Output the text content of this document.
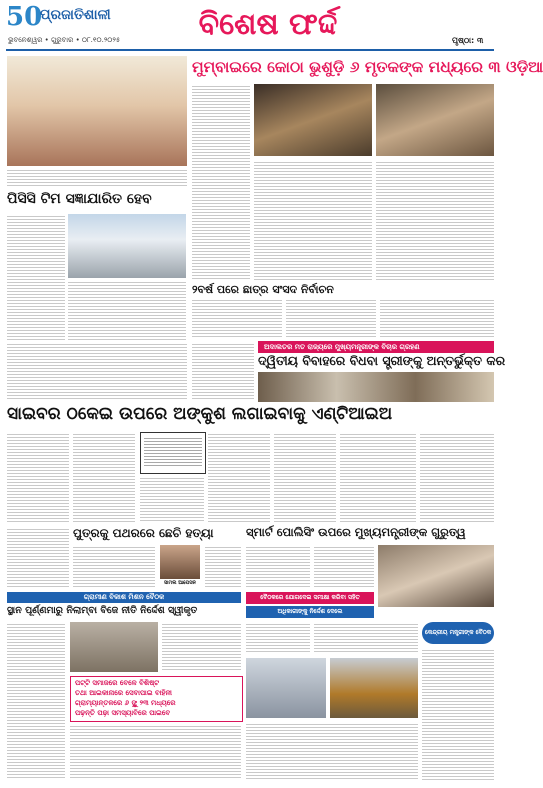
50
ପ୍ରଜାତିଶାଳୀ
ଭୁବନେଶ୍ୱର • ଗୁରୁବାର • ୦୮.୧୦.୨୦୨୫	ବିଶେଷ ଫର୍ଦ୍ଦ	ପୃଷ୍ଠା: ୩
ମୁମ୍ବାଇରେ କୋଠା ଭୁଶୁଡ଼ି ୬ ମୃତକଙ୍କ ମଧ୍ୟରେ ୩ ଓଡ଼ିଆ
ପିସିସି ଟିମ ସଜ୍ଞାଯାରିତ ହେବ
୨ବର୍ଷ ପରେ ଛାତ୍ର ସଂସଦ ନିର୍ବାଚନ
ଅଦାଲତର ମତ ରାଜ୍ୟରେ ମୁଖ୍ୟମନ୍ତ୍ରୀଙ୍କ ବିଚାର ଗ୍ରହଣ
ଦ୍ୱିତୀୟ ବିବାହରେ ବିଧବା ସ୍ତ୍ରୀଙ୍କୁ ଅନ୍ତର୍ଭୁକ୍ତ କର
ସାଇବର ଠକେଇ ଉପରେ ଅଙ୍କୁଶ ଲଗାଇବାକୁ ଏଣ୍ଟିଆଇଅ
ପୁତ୍ରକୁ ପଥରରେ ଛେଚି ହତ୍ୟା
ସାମଲ ଆପେସନ
ସ୍ମାର୍ଟ ପୋଲିସିଂ ଉପରେ ମୁଖ୍ୟମନ୍ତ୍ରୀଙ୍କ ଗୁରୁତ୍ୱ
ଗ୍ରାମୀଣ ବିକାଶ ମିଶନ ବୈଠକ
ସ୍ଥାନ ପୂର୍ଣ୍ଣମାରୁ ନିଲାମ୍ବା ବିଜେ ନୀତି ନିର୍ଦ୍ଦେଶ ସ୍ୱୀକୃତ
ବୈଠକରେ ଯୋଗଦେଇ ସମୀକ୍ଷା କରିବା ସହିତ
ଅଧିକାରୀଙ୍କୁ ନିର୍ଦ୍ଦେଶ ଦେଲେ
ପଟ୍ଟି ସମାଜରେ ବେଳେ ବିଶିଷ୍ଟ
ତଥା ଆଇକାନାରେ ସେବାପାଇ ବାହିନୀ
ଗ୍ରାମ୍ୟାନ୍ତଳରେ ୬ ଙ୍କ୍ଷୁ ୨୩ ମଧ୍ୟରେ
ପଢ଼ନ୍ତି ପଢ଼ା ସମସ୍ୟାବିରେ ପାଇବେ
କେନ୍ଦ୍ରୀୟ ମନ୍ତ୍ରୀଙ୍କ ବୈଠକ
